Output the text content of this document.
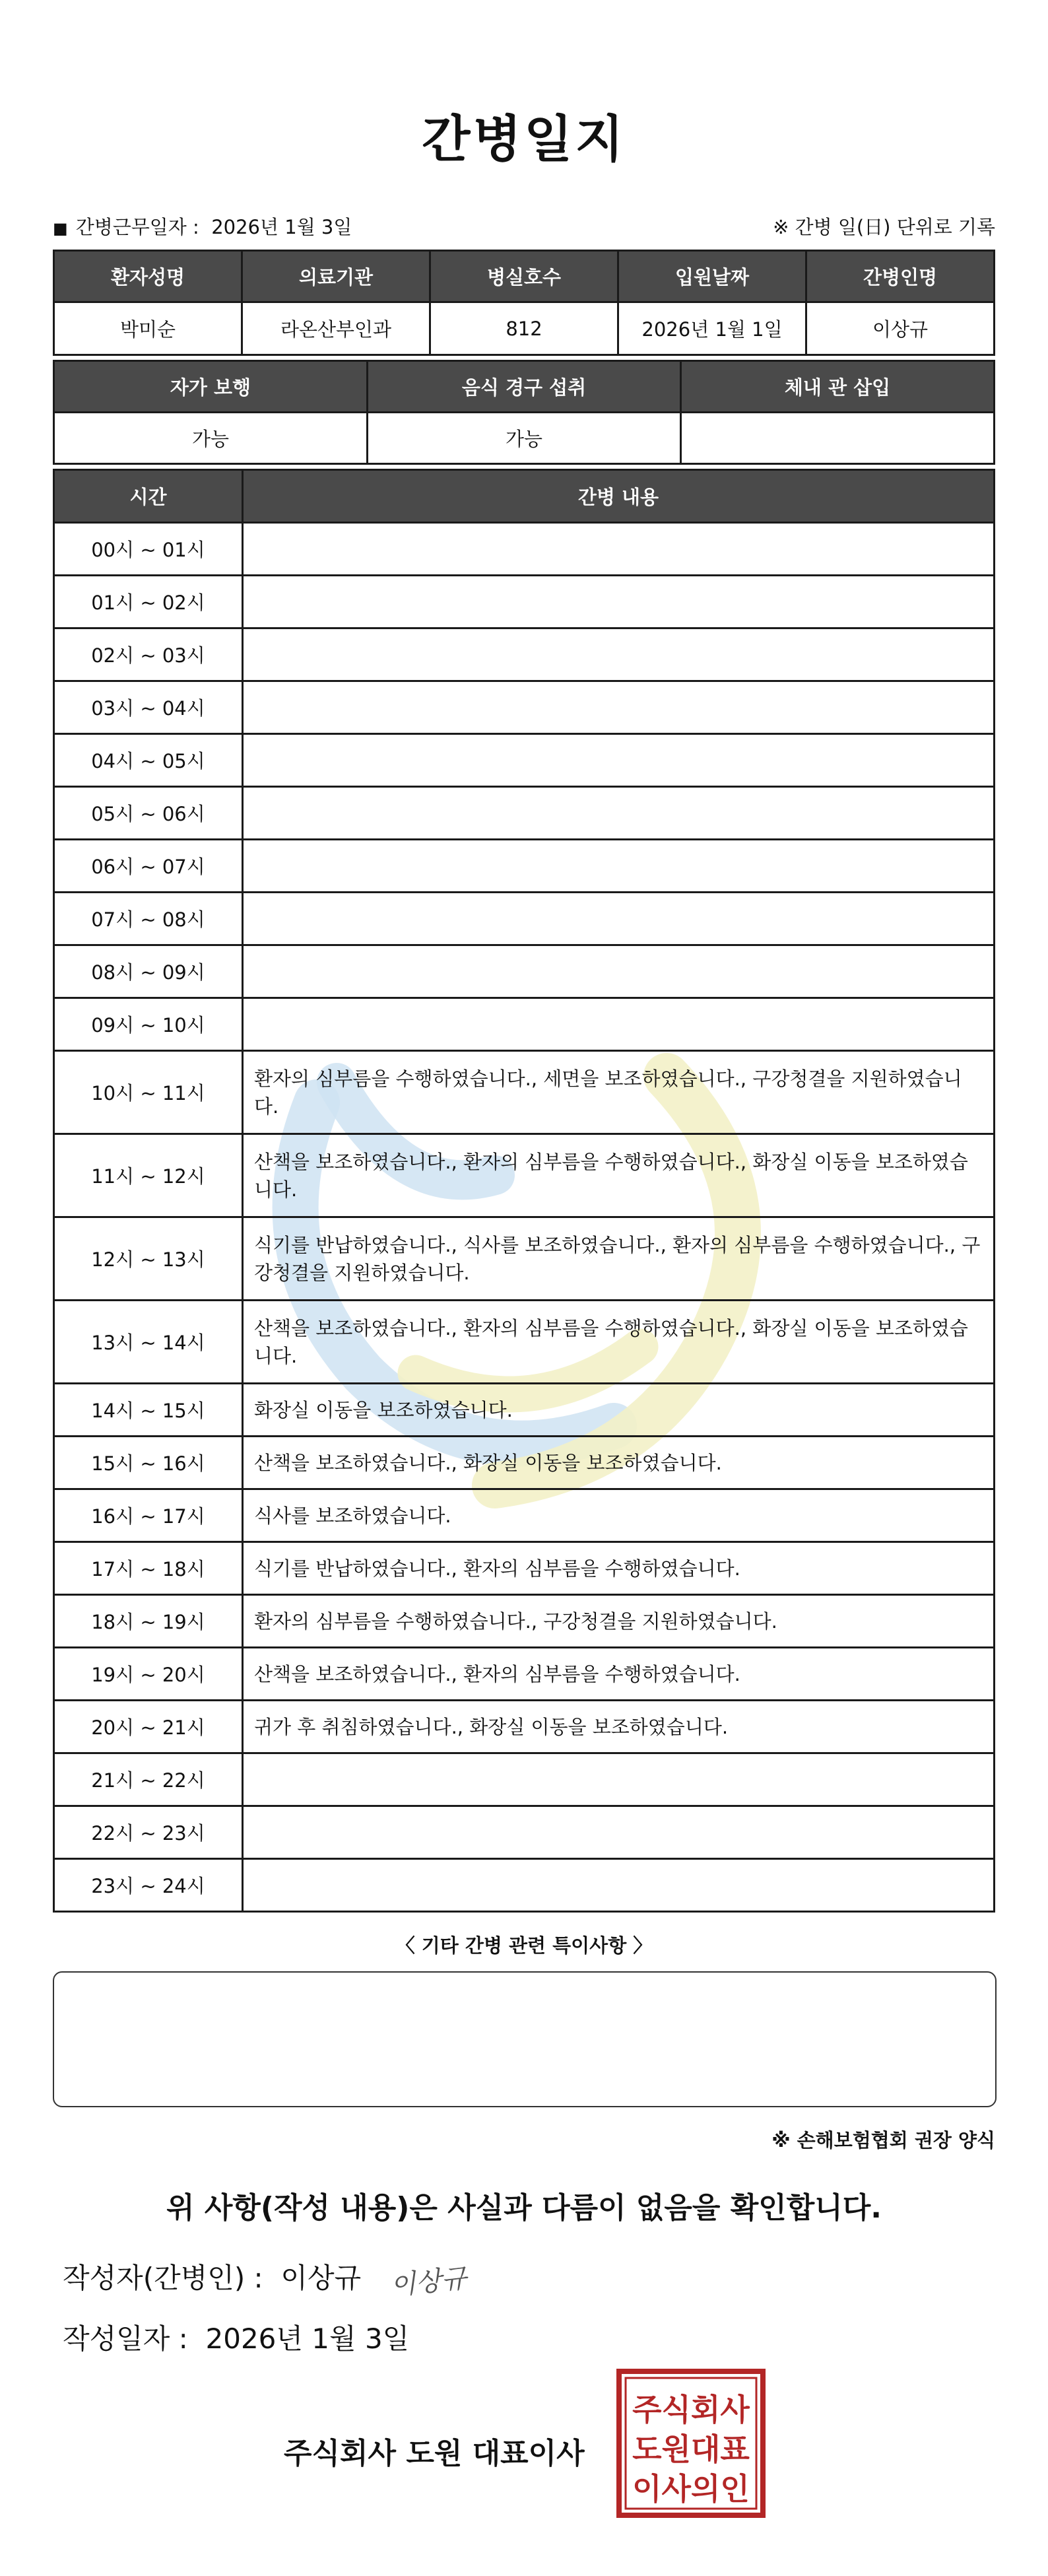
간병일지
■ 간병근무일자 : 2026년 1월 3일	※ 간병 일(日) 단위로 기록
환자성명	의료기관	병실호수	입원날짜	간병인명
박미순	라온산부인과	812	2026년 1월 1일	이상규
자가 보행	음식 경구 섭취	체내 관 삽입
가능	가능	
시간	간병 내용
00시 ~ 01시	
01시 ~ 02시	
02시 ~ 03시	
03시 ~ 04시	
04시 ~ 05시	
05시 ~ 06시	
06시 ~ 07시	
07시 ~ 08시	
08시 ~ 09시	
09시 ~ 10시	
10시 ~ 11시	환자의 심부름을 수행하였습니다., 세면을 보조하였습니다., 구강청결을 지원하였습니다.
11시 ~ 12시	산책을 보조하였습니다., 환자의 심부름을 수행하였습니다., 화장실 이동을 보조하였습니다.
12시 ~ 13시	식기를 반납하였습니다., 식사를 보조하였습니다., 환자의 심부름을 수행하였습니다., 구강청결을 지원하였습니다.
13시 ~ 14시	산책을 보조하였습니다., 환자의 심부름을 수행하였습니다., 화장실 이동을 보조하였습니다.
14시 ~ 15시	화장실 이동을 보조하였습니다.
15시 ~ 16시	산책을 보조하였습니다., 화장실 이동을 보조하였습니다.
16시 ~ 17시	식사를 보조하였습니다.
17시 ~ 18시	식기를 반납하였습니다., 환자의 심부름을 수행하였습니다.
18시 ~ 19시	환자의 심부름을 수행하였습니다., 구강청결을 지원하였습니다.
19시 ~ 20시	산책을 보조하였습니다., 환자의 심부름을 수행하였습니다.
20시 ~ 21시	귀가 후 취침하였습니다., 화장실 이동을 보조하였습니다.
21시 ~ 22시	
22시 ~ 23시	
23시 ~ 24시	
〈 기타 간병 관련 특이사항 〉
※ 손해보험협회 권장 양식
위 사항(작성 내용)은 사실과 다름이 없음을 확인합니다.
작성자(간병인) : 이상규 이상규
작성일자 : 2026년 1월 3일
주식회사 도원 대표이사
주식회사
도원대표
이사의인
